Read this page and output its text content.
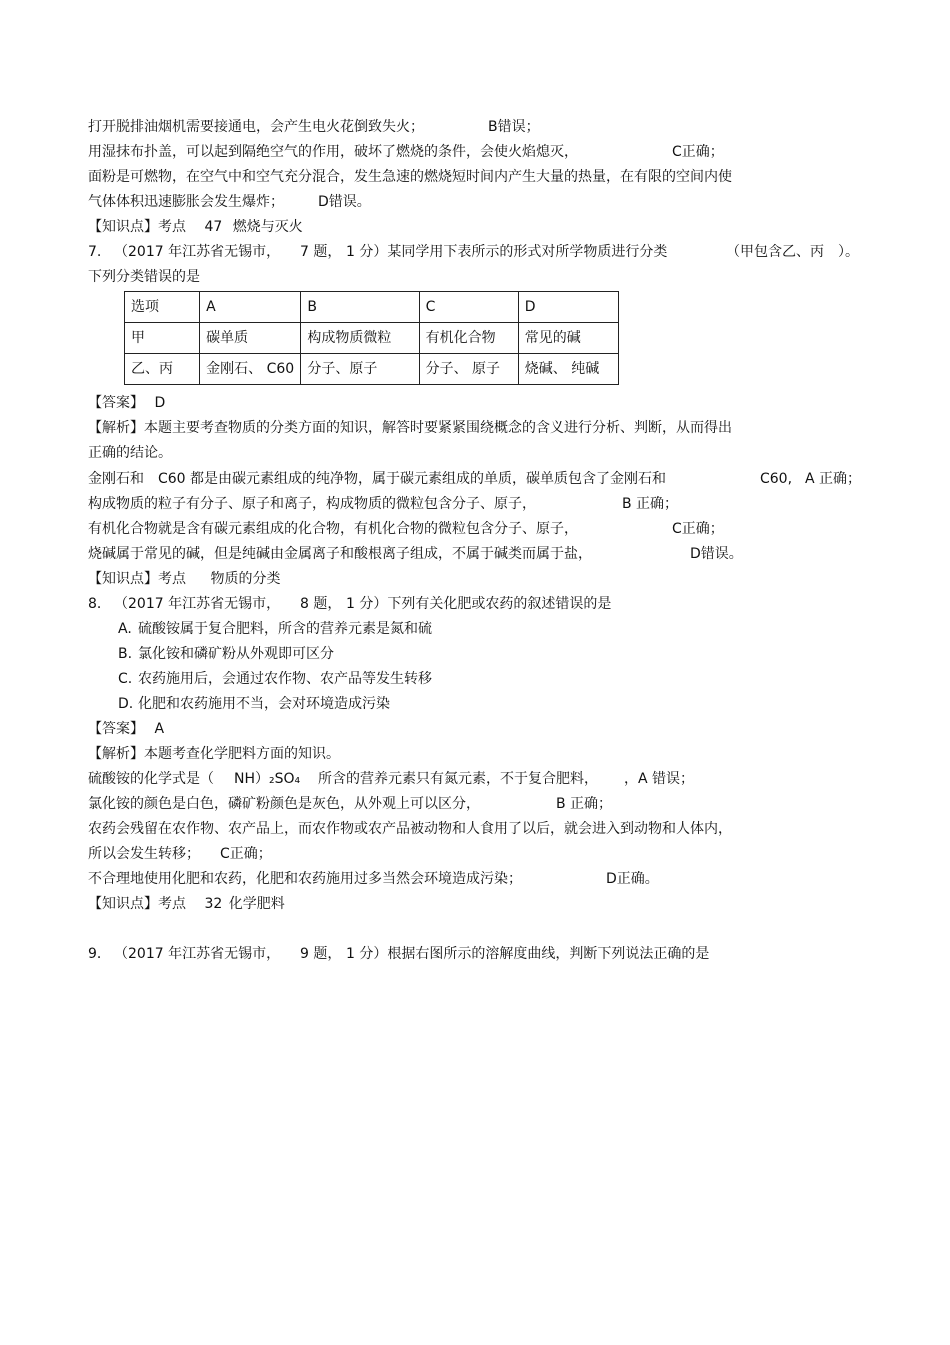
打开脱排油烟机需要接通电，会产生电火花倒致失火；	B错误；
用湿抹布扑盖，可以起到隔绝空气的作用，破坏了燃烧的条件，会使火焰熄灭，	C正确；
面粉是可燃物，在空气中和空气充分混合，发生急速的燃烧短时间内产生大量的热量，在有限的空间内使
气体体积迅速膨胀会发生爆炸； D错误。
【知识点】考点 47 燃烧与灭火
7. （2017 年江苏省无锡市， 7 题， 1 分）某同学用下表所示的形式对所学物质进行分类	（甲包含乙、丙 ）。
下列分类错误的是
选项	A	B	C	D
甲	碳单质	构成物质微粒	有机化合物	常见的碱
乙、丙	金刚石、 C60	分子、原子	分子、 原子	烧碱、 纯碱
【答案】 D
【解析】本题主要考查物质的分类方面的知识，解答时要紧紧围绕概念的含义进行分析、判断，从而得出
正确的结论。
金刚石和　C60 都是由碳元素组成的纯净物，属于碳元素组成的单质，碳单质包含了金刚石和	C60, A 正确；
构成物质的粒子有分子、原子和离子，构成物质的微粒包含分子、原子，	B 正确；
有机化合物就是含有碳元素组成的化合物，有机化合物的微粒包含分子、原子，	C正确；
烧碱属于常见的碱，但是纯碱由金属离子和酸根离子组成，不属于碱类而属于盐，	D错误。
【知识点】考点 物质的分类
8． （2017 年江苏省无锡市， 8 题， 1 分）下列有关化肥或农药的叙述错误的是
A. 硫酸铵属于复合肥料，所含的营养元素是氮和硫
B. 氯化铵和磷矿粉从外观即可区分
C. 农药施用后，会通过农作物、农产品等发生转移
D. 化肥和农药施用不当，会对环境造成污染
【答案】 A
【解析】本题考查化学肥料方面的知识。
硫酸铵的化学式是（ NH）₂SO₄ 所含的营养元素只有氮元素，不于复合肥料， ，A 错误；
氯化铵的颜色是白色，磷矿粉颜色是灰色，从外观上可以区分，	B 正确；
农药会残留在农作物、农产品上，而农作物或农产品被动物和人食用了以后，就会进入到动物和人体内，
所以会发生转移； C正确；
不合理地使用化肥和农药，化肥和农药施用过多当然会环境造成污染；	D正确。
【知识点】考点 32 化学肥料
9． （2017 年江苏省无锡市， 9 题， 1 分）根据右图所示的溶解度曲线，判断下列说法正确的是
